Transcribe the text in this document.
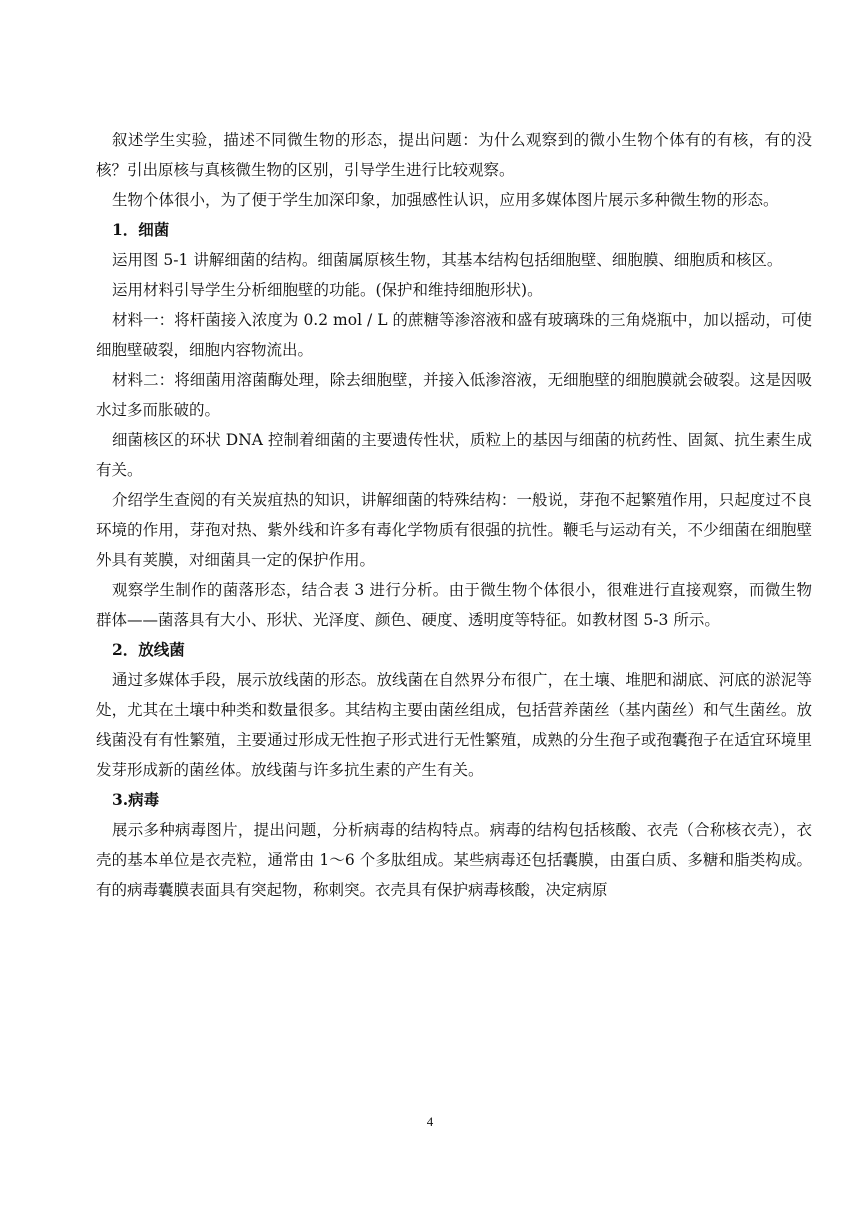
叙述学生实验，描述不同微生物的形态，提出问题：为什么观察到的微小生物个体有的有核，有的没核？引出原核与真核微生物的区别，引导学生进行比较观察。
生物个体很小，为了便于学生加深印象，加强感性认识，应用多媒体图片展示多种微生物的形态。
1．细菌
运用图 5-1 讲解细菌的结构。细菌属原核生物，其基本结构包括细胞壁、细胞膜、细胞质和核区。
运用材料引导学生分析细胞壁的功能。(保护和维持细胞形状)。
材料一：将杆菌接入浓度为 0.2 mol / L 的蔗糖等渗溶液和盛有玻璃珠的三角烧瓶中，加以摇动，可使细胞壁破裂，细胞内容物流出。
材料二：将细菌用溶菌酶处理，除去细胞壁，并接入低渗溶液，无细胞壁的细胞膜就会破裂。这是因吸水过多而胀破的。
细菌核区的环状 DNA 控制着细菌的主要遗传性状，质粒上的基因与细菌的杭药性、固氮、抗生素生成有关。
介绍学生查阅的有关炭疽热的知识，讲解细菌的特殊结构：一般说，芽孢不起繁殖作用，只起度过不良环境的作用，芽孢对热、紫外线和许多有毒化学物质有很强的抗性。鞭毛与运动有关，不少细菌在细胞壁外具有荚膜，对细菌具一定的保护作用。
观察学生制作的菌落形态，结合表 3 进行分析。由于微生物个体很小，很难进行直接观察，而微生物群体——菌落具有大小、形状、光泽度、颜色、硬度、透明度等特征。如教材图 5-3 所示。
2．放线菌
通过多媒体手段，展示放线菌的形态。放线菌在自然界分布很广，在土壤、堆肥和湖底、河底的淤泥等处，尤其在土壤中种类和数量很多。其结构主要由菌丝组成，包括营养菌丝（基内菌丝）和气生菌丝。放线菌没有有性繁殖，主要通过形成无性抱子形式进行无性繁殖，成熟的分生孢子或孢囊孢子在适宜环境里发芽形成新的菌丝体。放线菌与许多抗生素的产生有关。
3.病毒
展示多种病毒图片，提出问题，分析病毒的结构特点。病毒的结构包括核酸、衣壳（合称核衣壳），衣壳的基本单位是衣壳粒，通常由 1～6 个多肽组成。某些病毒还包括囊膜，由蛋白质、多糖和脂类构成。有的病毒囊膜表面具有突起物，称刺突。衣壳具有保护病毒核酸，决定病原
4
